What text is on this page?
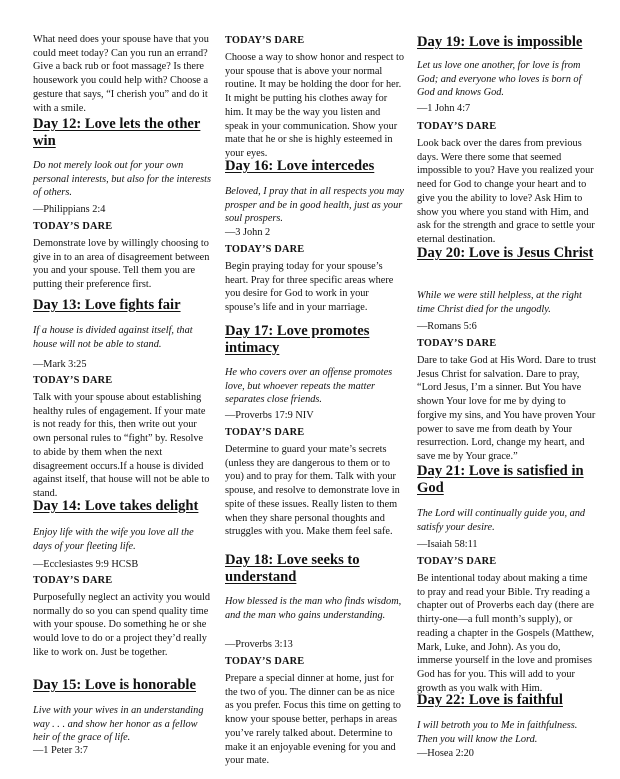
What need does your spouse have that you could meet today? Can you run an errand? Give a back rub or foot massage? Is there housework you could help with? Choose a gesture that says, “I cherish you” and do it with a smile.

Day 12: Love lets the other win

Do not merely look out for your own personal interests, but also for the interests of others.

—Philippians 2:4

TODAY’S DARE

Demonstrate love by willingly choosing to give in to an area of disagreement between you and your spouse. Tell them you are putting their preference first.

Day 13: Love fights fair

If a house is divided against itself, that house will not be able to stand.

—Mark 3:25

TODAY’S DARE

Talk with your spouse about establishing healthy rules of engagement. If your mate is not ready for this, then write out your own personal rules to “fight” by. Resolve to abide by them when the next disagreement occurs.If a house is divided against itself, that house will not be able to stand.

Day 14: Love takes delight

Enjoy life with the wife you love all the days of your fleeting life.

—Ecclesiastes 9:9 HCSB

TODAY’S DARE

Purposefully neglect an activity you would normally do so you can spend quality time with your spouse. Do something he or she would love to do or a project they’d really like to work on. Just be together.

Day 15: Love is honorable

Live with your wives in an understanding way . . . and show her honor as a fellow heir of the grace of life.

—1 Peter 3:7

TODAY’S DARE

Choose a way to show honor and respect to your spouse that is above your normal routine. It may be holding the door for her. It might be putting his clothes away for him. It may be the way you listen and speak in your communication. Show your mate that he or she is highly esteemed in your eyes.

Day 16: Love intercedes

Beloved, I pray that in all respects you may prosper and be in good health, just as your soul prospers.

—3 John 2

TODAY’S DARE

Begin praying today for your spouse’s heart. Pray for three specific areas where you desire for God to work in your spouse’s life and in your marriage.

Day 17: Love promotes intimacy

He who covers over an offense promotes love, but whoever repeats the matter separates close friends.

—Proverbs 17:9 NIV

TODAY’S DARE

Determine to guard your mate’s secrets (unless they are dangerous to them or to you) and to pray for them. Talk with your spouse, and resolve to demonstrate love in spite of these issues. Really listen to them when they share personal thoughts and struggles with you. Make them feel safe.

Day 18: Love seeks to understand

How blessed is the man who finds wisdom, and the man who gains understanding.

—Proverbs 3:13

TODAY’S DARE

Prepare a special dinner at home, just for the two of you. The dinner can be as nice as you prefer. Focus this time on getting to know your spouse better, perhaps in areas you’ve rarely talked about. Determine to make it an enjoyable evening for you and your mate.

Day 19: Love is impossible

Let us love one another, for love is from God; and everyone who loves is born of God and knows God.

—1 John 4:7

TODAY’S DARE

Look back over the dares from previous days. Were there some that seemed impossible to you? Have you realized your need for God to change your heart and to give you the ability to love? Ask Him to show you where you stand with Him, and ask for the strength and grace to settle your eternal destination.

Day 20: Love is Jesus Christ

While we were still helpless, at the right time Christ died for the ungodly.

—Romans 5:6

TODAY’S DARE

Dare to take God at His Word. Dare to trust Jesus Christ for salvation. Dare to pray, “Lord Jesus, I’m a sinner. But You have shown Your love for me by dying to forgive my sins, and You have proven Your power to save me from death by Your resurrection. Lord, change my heart, and save me by Your grace.”

Day 21: Love is satisfied in God

The Lord will continually guide you, and satisfy your desire.

—Isaiah 58:11

TODAY’S DARE

Be intentional today about making a time to pray and read your Bible. Try reading a chapter out of Proverbs each day (there are thirty-one—a full month’s supply), or reading a chapter in the Gospels (Matthew, Mark, Luke, and John). As you do, immerse yourself in the love and promises God has for you. This will add to your growth as you walk with Him.

Day 22: Love is faithful

I will betroth you to Me in faithfulness. Then you will know the Lord.

—Hosea 2:20
